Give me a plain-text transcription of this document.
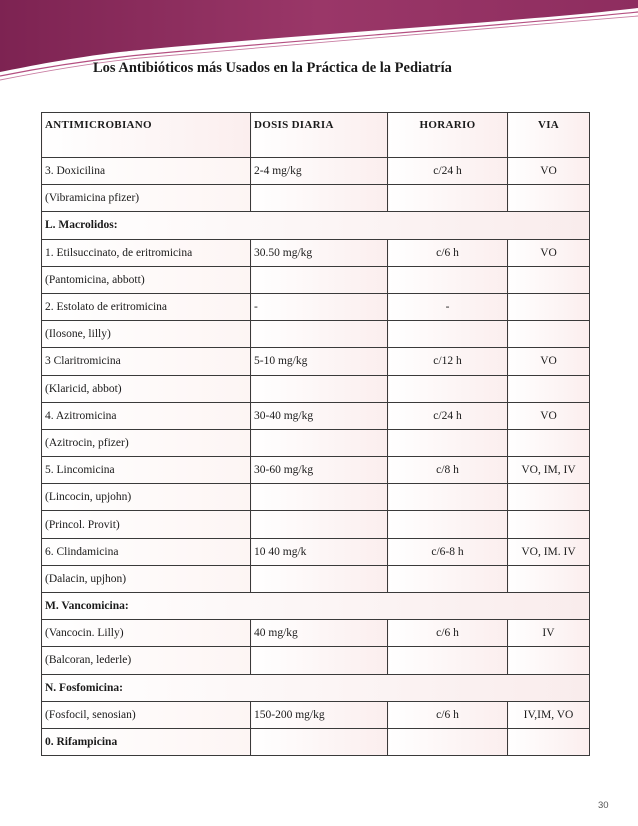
Los Antibióticos más Usados en la Práctica de la Pediatría
ANTIMICROBIANO	DOSIS DIARIA	HORARIO	VIA
3. Doxicilina	2-4 mg/kg	c/24 h	VO
(Vibramicina pfizer)			
L. Macrolidos:			
1. Etilsuccinato, de eritromicina	30.50 mg/kg	c/6 h	VO
(Pantomicina, abbott)			
2. Estolato de eritromicina	-	-	
(Ilosone, lilly)			
3 Claritromicina	5-10 mg/kg	c/12 h	VO
(Klaricid, abbot)			
4. Azitromicina	30-40 mg/kg	c/24 h	VO
(Azitrocin, pfizer)			
5. Lincomicina	30-60 mg/kg	c/8 h	VO, IM, IV
(Lincocin, upjohn)			
(Princol. Provit)			
6. Clindamicina	10 40 mg/k	c/6-8 h	VO, IM. IV
(Dalacin, upjhon)			
M. Vancomicina:			
(Vancocin. Lilly)	40 mg/kg	c/6 h	IV
(Balcoran, lederle)			
N. Fosfomicina:			
(Fosfocil, senosian)	150-200 mg/kg	c/6 h	IV,IM, VO
0. Rifampicina			
30
